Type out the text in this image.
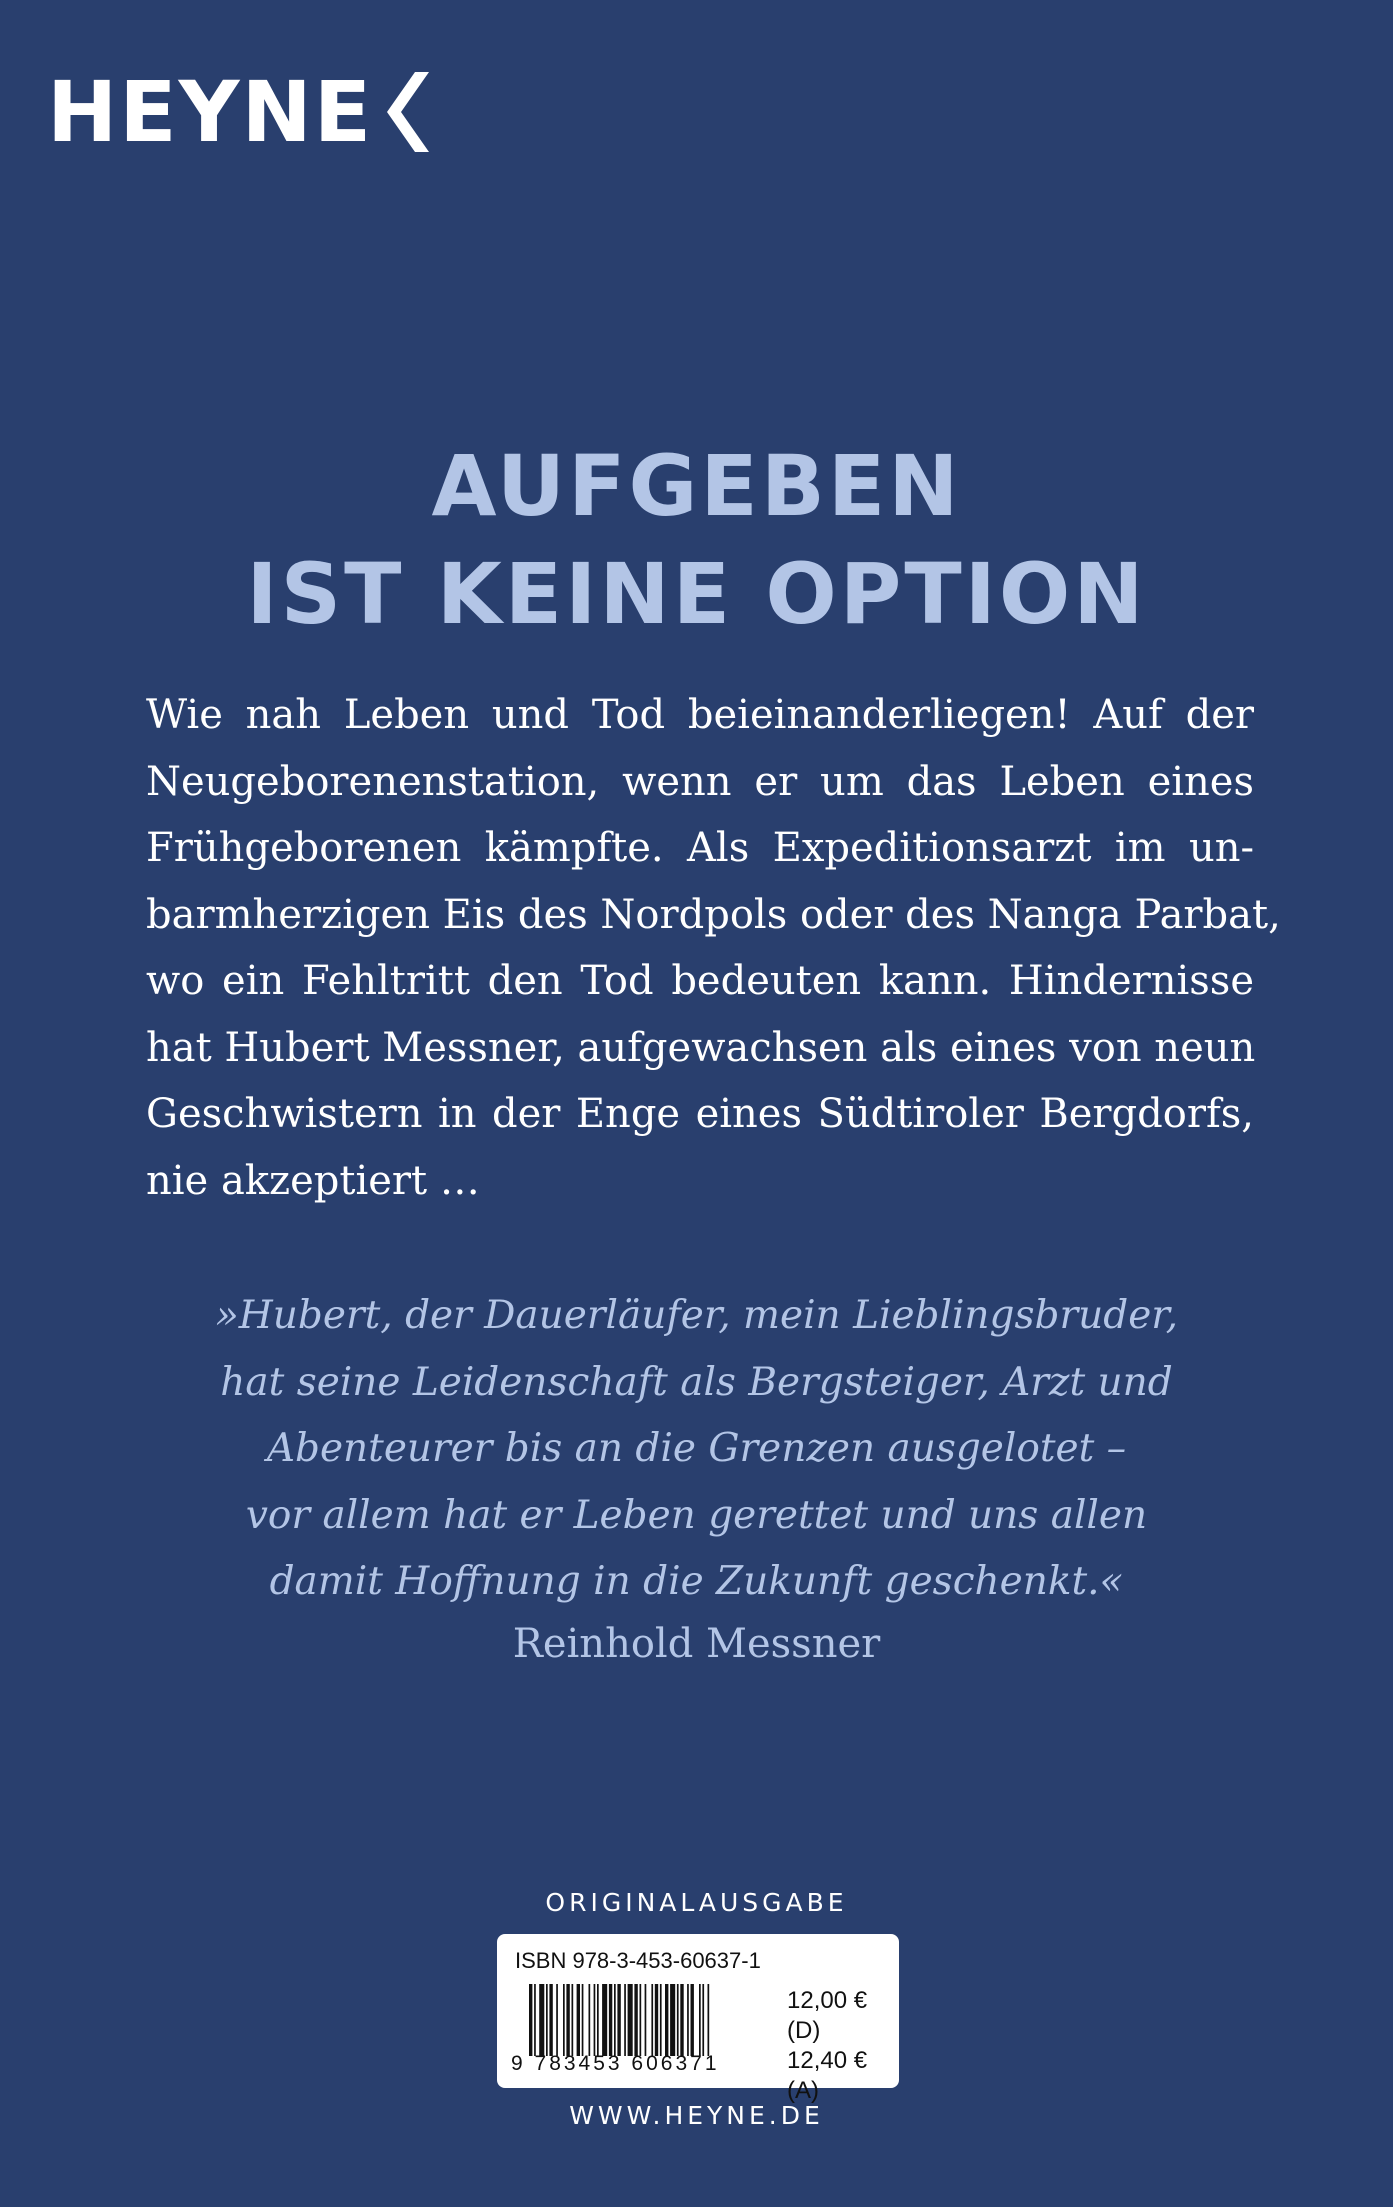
HEYNE
AUFGEBEN
IST KEINE OPTION
Wie nah Leben und Tod beieinanderliegen! Auf der
Neugeborenenstation, wenn er um das Leben eines
Frühgeborenen kämpfte. Als Expeditionsarzt im un-
barmherzigen Eis des Nordpols oder des Nanga Parbat,
wo ein Fehltritt den Tod bedeuten kann. Hindernisse
hat Hubert Messner, aufgewachsen als eines von neun
Geschwistern in der Enge eines Südtiroler Bergdorfs,
nie akzeptiert …
»Hubert, der Dauerläufer, mein Lieblingsbruder,
hat seine Leidenschaft als Bergsteiger, Arzt und
Abenteurer bis an die Grenzen ausgelotet –
vor allem hat er Leben gerettet und uns allen
damit Hoffnung in die Zukunft geschenkt.«
Reinhold Messner
ORIGINALAUSGABE
ISBN 978-3-453-60637-1
9 783453 606371
12,00 € (D)
12,40 € (A)
WWW.HEYNE.DE
